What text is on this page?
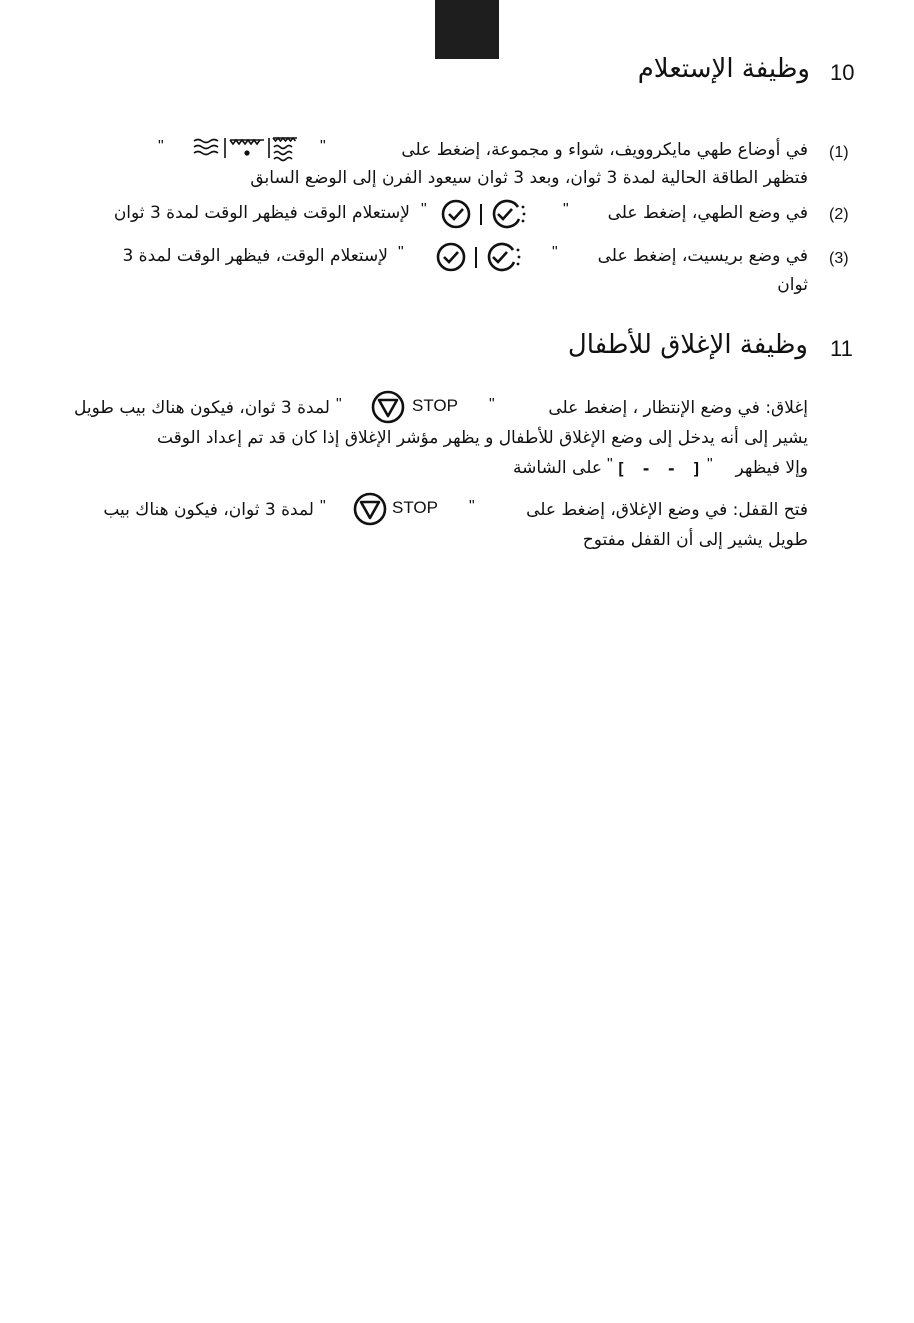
10
وظيفة الإستعلام
(1)
في أوضاع طهي مايكروويف، شواء و مجموعة، إضغط على
"
"
فتظهر الطاقة الحالية لمدة 3 ثوان، وبعد 3 ثوان سيعود الفرن إلى الوضع السابق
(2)
في وضع الطهي، إضغط على
"
"
لإستعلام الوقت فيظهر الوقت لمدة 3 ثوان
(3)
في وضع بريسيت، إضغط على
"
"
لإستعلام الوقت، فيظهر الوقت لمدة 3
ثوان
11
وظيفة الإغلاق للأطفال
إغلاق: في وضع الإنتظار ، إضغط على
"
STOP
"
لمدة 3 ثوان، فيكون هناك بيب طويل
يشير إلى أنه يدخل إلى وضع الإغلاق للأطفال و يظهر مؤشر الإغلاق إذا كان قد تم إعداد الوقت
وإلا فيظهر
"
[ - - ]
"
على الشاشة
فتح القفل: في وضع الإغلاق، إضغط على
"
STOP
"
لمدة 3 ثوان، فيكون هناك بيب
طويل يشير إلى أن القفل مفتوح
